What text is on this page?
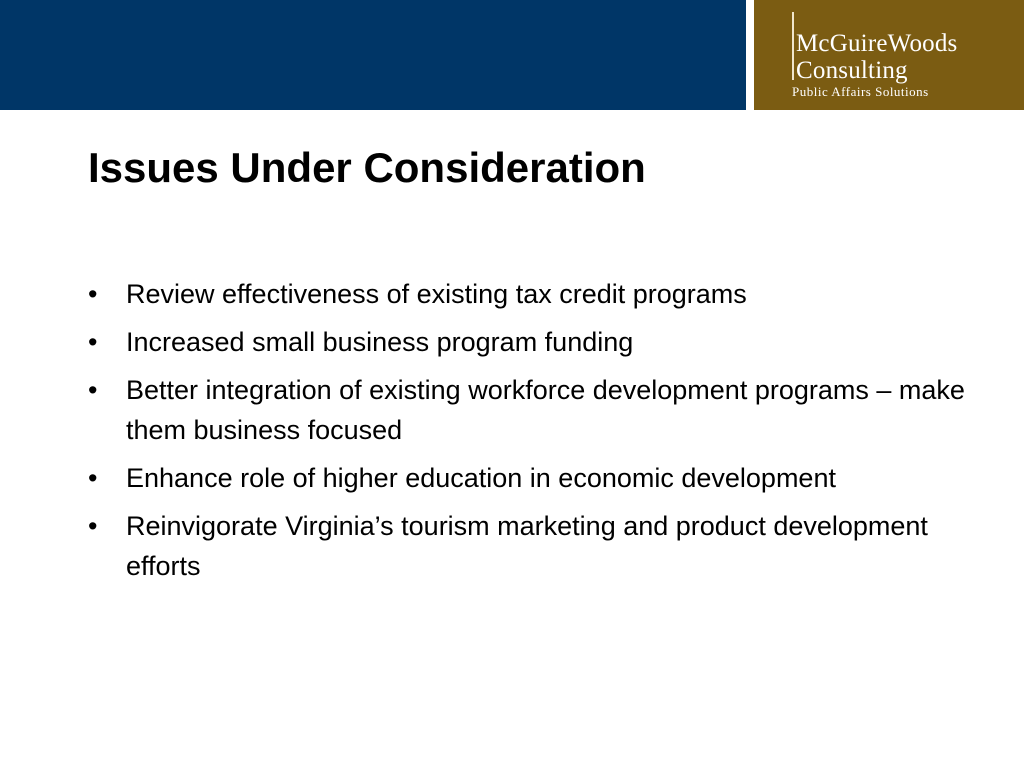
McGuireWoods
Consulting
Public Affairs Solutions
Issues Under Consideration
•	Review effectiveness of existing tax credit programs
•	Increased small business program funding
•	Better integration of existing workforce development programs – make them business focused
•	Enhance role of higher education in economic development
•	Reinvigorate Virginia’s tourism marketing and product development efforts
